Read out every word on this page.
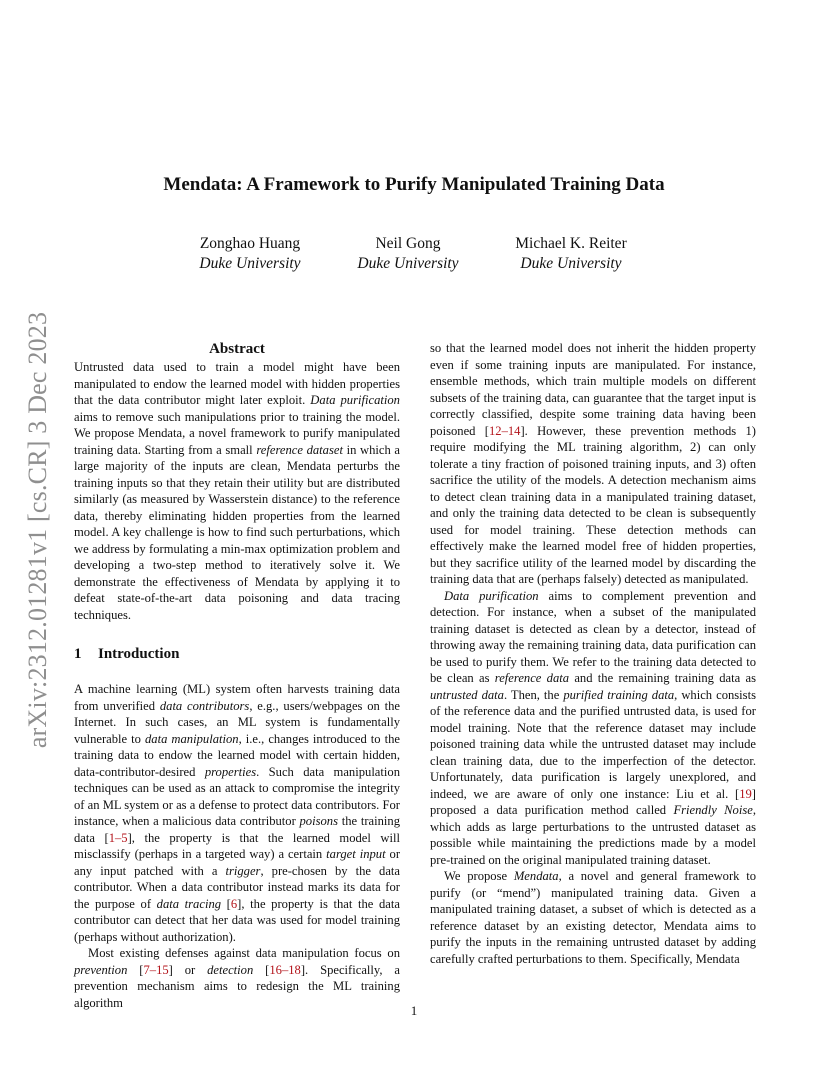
arXiv:2312.01281v1 [cs.CR] 3 Dec 2023
Mendata: A Framework to Purify Manipulated Training Data
Zonghao Huang
Duke University
Neil Gong
Duke University
Michael K. Reiter
Duke University
Abstract

Untrusted data used to train a model might have been manipulated to endow the learned model with hidden properties that the data contributor might later exploit. Data purification aims to remove such manipulations prior to training the model. We propose Mendata, a novel framework to purify manipulated training data. Starting from a small reference dataset in which a large majority of the inputs are clean, Mendata perturbs the training inputs so that they retain their utility but are distributed similarly (as measured by Wasserstein distance) to the reference data, thereby eliminating hidden properties from the learned model. A key challenge is how to find such perturbations, which we address by formulating a min-max optimization problem and developing a two-step method to iteratively solve it. We demonstrate the effectiveness of Mendata by applying it to defeat state-of-the-art data poisoning and data tracing techniques.

1 Introduction

A machine learning (ML) system often harvests training data from unverified data contributors, e.g., users/webpages on the Internet. In such cases, an ML system is fundamentally vulnerable to data manipulation, i.e., changes introduced to the training data to endow the learned model with certain hidden, data-contributor-desired properties. Such data manipulation techniques can be used as an attack to compromise the integrity of an ML system or as a defense to protect data contributors. For instance, when a malicious data contributor poisons the training data [1–5], the property is that the learned model will misclassify (perhaps in a targeted way) a certain target input or any input patched with a trigger, pre-chosen by the data contributor. When a data contributor instead marks its data for the purpose of data tracing [6], the property is that the data contributor can detect that her data was used for model training (perhaps without authorization).

Most existing defenses against data manipulation focus on prevention [7–15] or detection [16–18]. Specifically, a prevention mechanism aims to redesign the ML training algorithm

so that the learned model does not inherit the hidden property even if some training inputs are manipulated. For instance, ensemble methods, which train multiple models on different subsets of the training data, can guarantee that the target input is correctly classified, despite some training data having been poisoned [12–14]. However, these prevention methods 1) require modifying the ML training algorithm, 2) can only tolerate a tiny fraction of poisoned training inputs, and 3) often sacrifice the utility of the models. A detection mechanism aims to detect clean training data in a manipulated training dataset, and only the training data detected to be clean is subsequently used for model training. These detection methods can effectively make the learned model free of hidden properties, but they sacrifice utility of the learned model by discarding the training data that are (perhaps falsely) detected as manipulated.

Data purification aims to complement prevention and detection. For instance, when a subset of the manipulated training dataset is detected as clean by a detector, instead of throwing away the remaining training data, data purification can be used to purify them. We refer to the training data detected to be clean as reference data and the remaining training data as untrusted data. Then, the purified training data, which consists of the reference data and the purified untrusted data, is used for model training. Note that the reference dataset may include poisoned training data while the untrusted dataset may include clean training data, due to the imperfection of the detector. Unfortunately, data purification is largely unexplored, and indeed, we are aware of only one instance: Liu et al. [19] proposed a data purification method called Friendly Noise, which adds as large perturbations to the untrusted dataset as possible while maintaining the predictions made by a model pre-trained on the original manipulated training dataset.

We propose Mendata, a novel and general framework to purify (or “mend”) manipulated training data. Given a manipulated training dataset, a subset of which is detected as a reference dataset by an existing detector, Mendata aims to purify the inputs in the remaining untrusted dataset by adding carefully crafted perturbations to them. Specifically, Mendata

1
